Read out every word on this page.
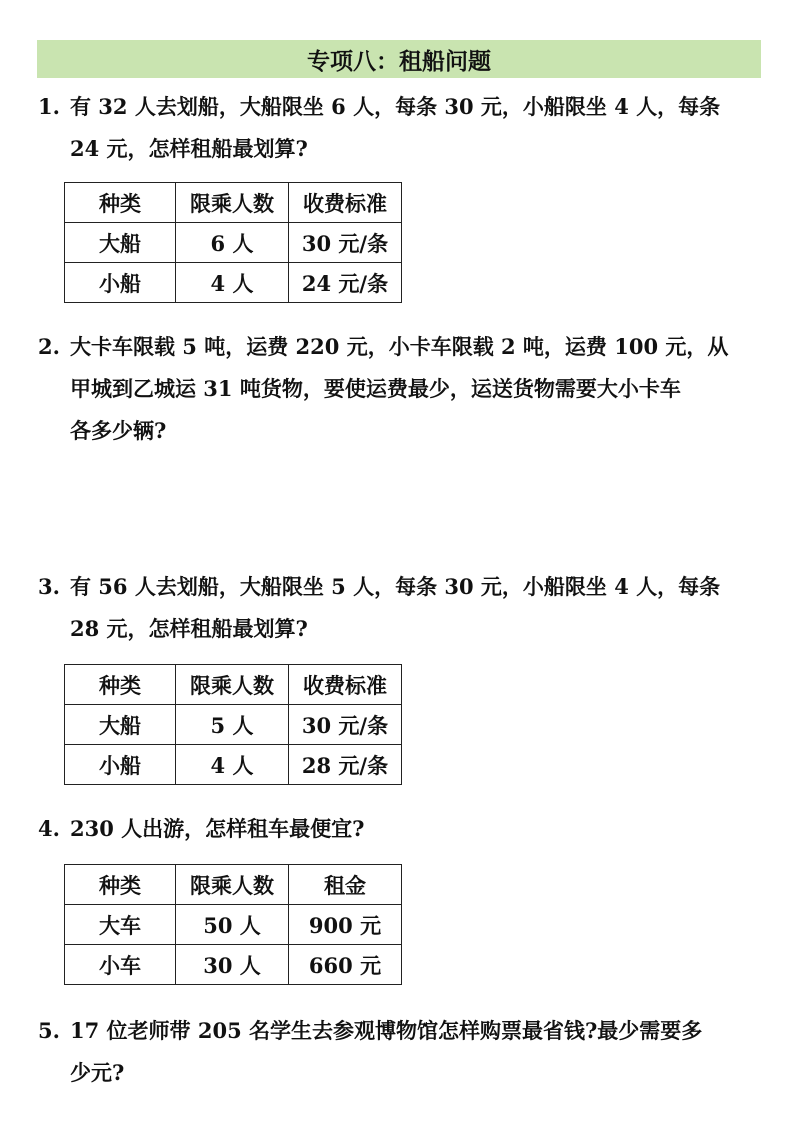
专项八：租船问题
1. 有 32 人去划船，大船限坐 6 人，每条 30 元，小船限坐 4 人，每条
24 元，怎样租船最划算?
种类	限乘人数	收费标准
大船	6 人	30 元/条
小船	4 人	24 元/条
2. 大卡车限载 5 吨，运费 220 元，小卡车限载 2 吨，运费 100 元，从
甲城到乙城运 31 吨货物，要使运费最少，运送货物需要大小卡车
各多少辆?
3. 有 56 人去划船，大船限坐 5 人，每条 30 元，小船限坐 4 人，每条
28 元，怎样租船最划算?
种类	限乘人数	收费标准
大船	5 人	30 元/条
小船	4 人	28 元/条
4. 230 人出游，怎样租车最便宜?
种类	限乘人数	租金
大车	50 人	900 元
小车	30 人	660 元
5. 17 位老师带 205 名学生去参观博物馆怎样购票最省钱?最少需要多
少元?
